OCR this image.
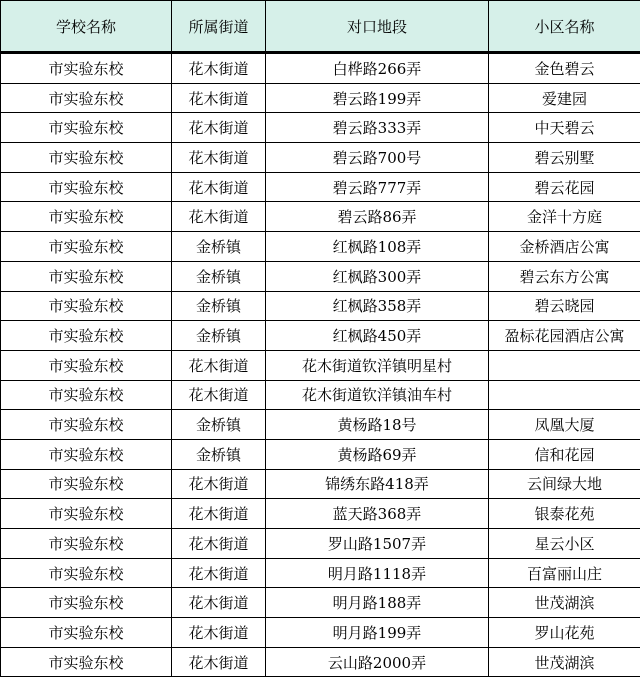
学校名称	所属街道	对口地段	小区名称
市实验东校	花木街道	白桦路266弄	金色碧云
市实验东校	花木街道	碧云路199弄	爱建园
市实验东校	花木街道	碧云路333弄	中天碧云
市实验东校	花木街道	碧云路700号	碧云别墅
市实验东校	花木街道	碧云路777弄	碧云花园
市实验东校	花木街道	碧云路86弄	金洋十方庭
市实验东校	金桥镇	红枫路108弄	金桥酒店公寓
市实验东校	金桥镇	红枫路300弄	碧云东方公寓
市实验东校	金桥镇	红枫路358弄	碧云晓园
市实验东校	金桥镇	红枫路450弄	盈标花园酒店公寓
市实验东校	花木街道	花木街道钦洋镇明星村	
市实验东校	花木街道	花木街道钦洋镇油车村	
市实验东校	金桥镇	黄杨路18号	凤凰大厦
市实验东校	金桥镇	黄杨路69弄	信和花园
市实验东校	花木街道	锦绣东路418弄	云间绿大地
市实验东校	花木街道	蓝天路368弄	银泰花苑
市实验东校	花木街道	罗山路1507弄	星云小区
市实验东校	花木街道	明月路1118弄	百富丽山庄
市实验东校	花木街道	明月路188弄	世茂湖滨
市实验东校	花木街道	明月路199弄	罗山花苑
市实验东校	花木街道	云山路2000弄	世茂湖滨
